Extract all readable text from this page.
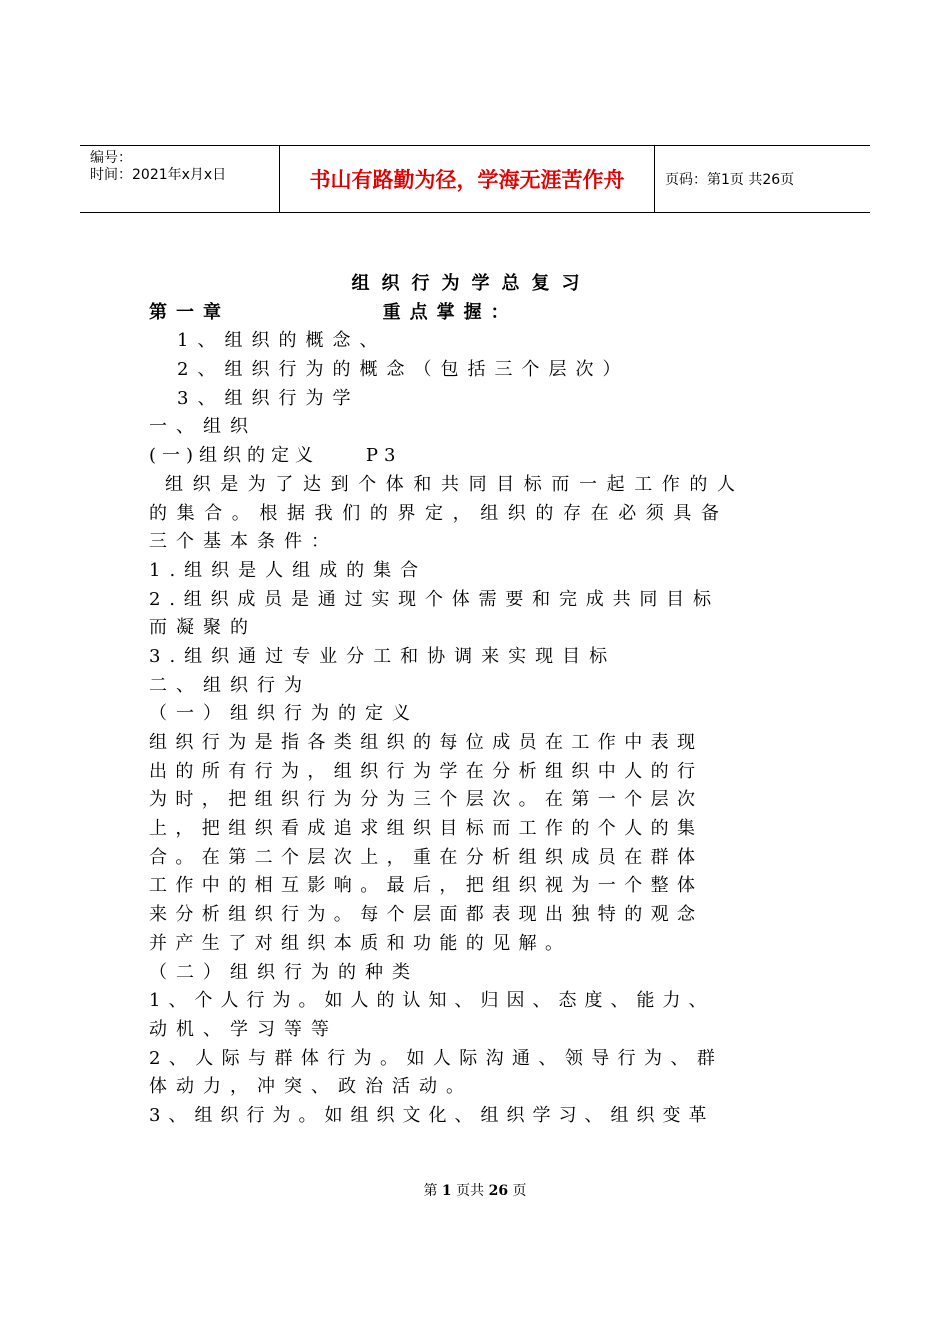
编号：
时间：2021年x月x日	书山有路勤为径，学海无涯苦作舟	页码：第1页 共26页
组织行为学总复习
第一章          重点掌握：
1、组织的概念、
2、组织行为的概念（包括三个层次）
3、组织行为学
一、组织
(一)组织的定义    P3
组织是为了达到个体和共同目标而一起工作的人
的集合。根据我们的界定，组织的存在必须具备
三个基本条件：
1.组织是人组成的集合
2.组织成员是通过实现个体需要和完成共同目标
而凝聚的
3.组织通过专业分工和协调来实现目标
二、组织行为
（一）组织行为的定义
组织行为是指各类组织的每位成员在工作中表现
出的所有行为，组织行为学在分析组织中人的行
为时，把组织行为分为三个层次。在第一个层次
上，把组织看成追求组织目标而工作的个人的集
合。在第二个层次上，重在分析组织成员在群体
工作中的相互影响。最后，把组织视为一个整体
来分析组织行为。每个层面都表现出独特的观念
并产生了对组织本质和功能的见解。
（二）组织行为的种类
1、个人行为。如人的认知、归因、态度、能力、
动机、学习等等
2、人际与群体行为。如人际沟通、领导行为、群
体动力，冲突、政治活动。
3、组织行为。如组织文化、组织学习、组织变革
第 1 页共 26 页
